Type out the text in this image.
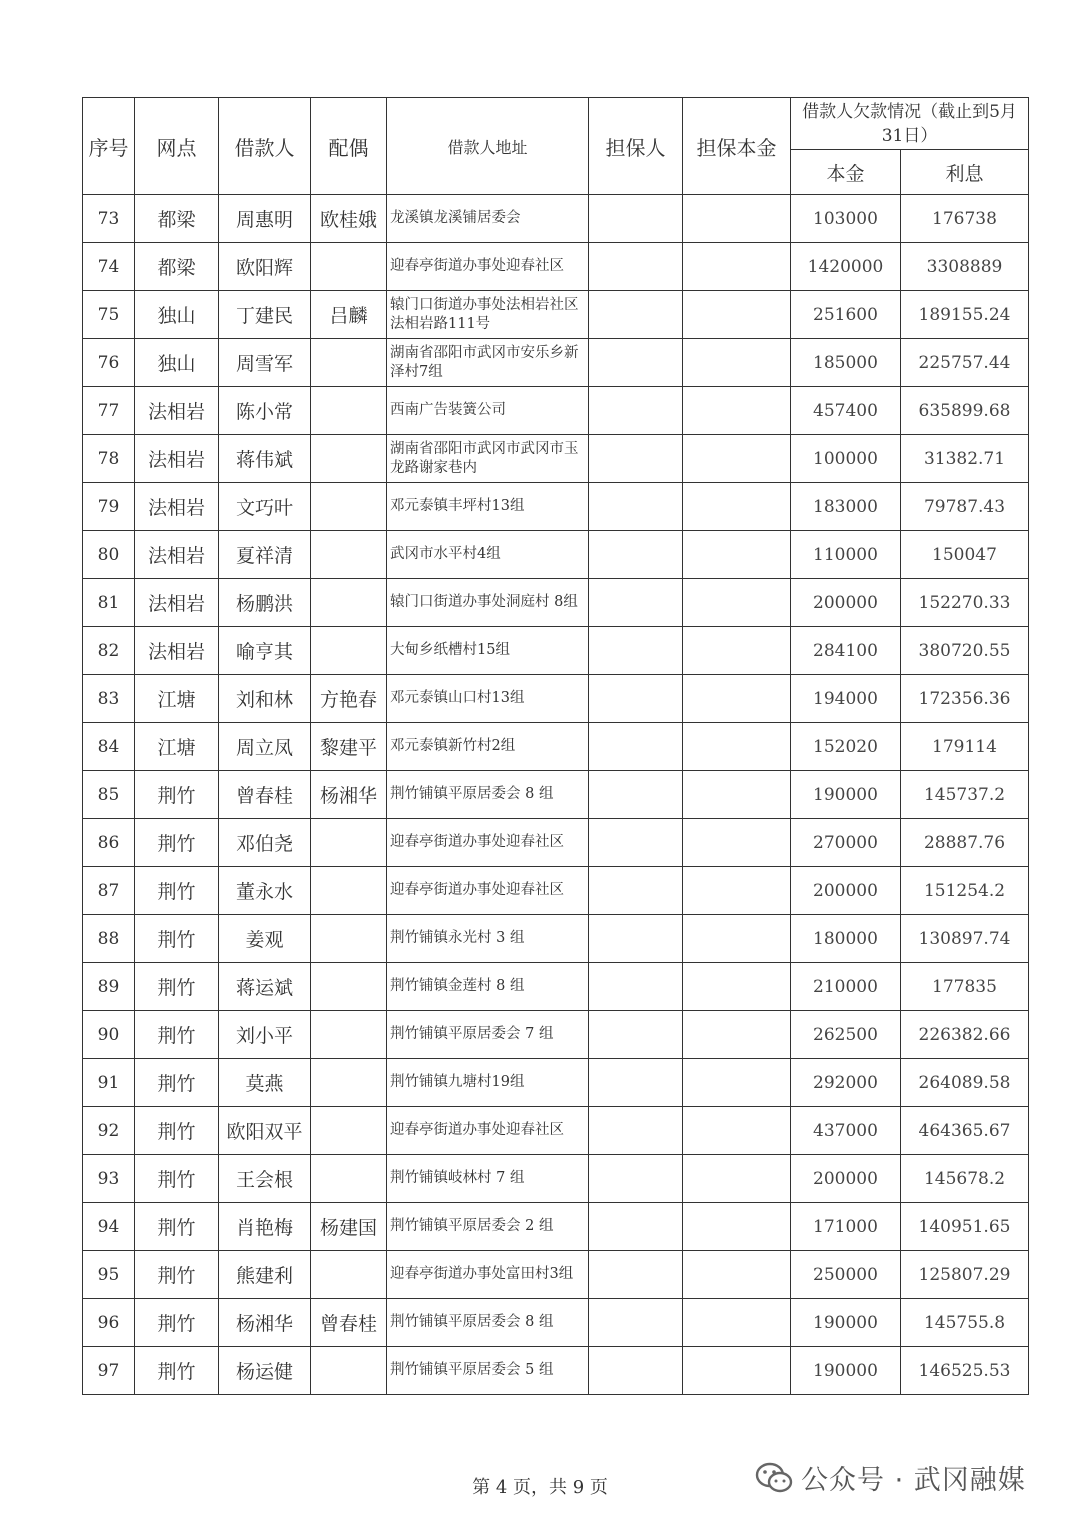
序号	网点	借款人	配偶	借款人地址	担保人	担保本金	借款人欠款情况（截止到5月31日）	
							本金	利息
73	都梁	周惠明	欧桂娥	龙溪镇龙溪铺居委会			103000	176738
74	都梁	欧阳辉		迎春亭街道办事处迎春社区			1420000	3308889
75	独山	丁建民	吕麟	辕门口街道办事处法相岩社区法相岩路111号			251600	189155.24
76	独山	周雪军		湖南省邵阳市武冈市安乐乡新泽村7组			185000	225757.44
77	法相岩	陈小常		西南广告装簧公司			457400	635899.68
78	法相岩	蒋伟斌		湖南省邵阳市武冈市武冈市玉龙路谢家巷内			100000	31382.71
79	法相岩	文巧叶		邓元泰镇丰坪村13组			183000	79787.43
80	法相岩	夏祥清		武冈市水平村4组			110000	150047
81	法相岩	杨鹏洪		辕门口街道办事处洞庭村 8组			200000	152270.33
82	法相岩	喻亨其		大甸乡纸槽村15组			284100	380720.55
83	江塘	刘和林	方艳春	邓元泰镇山口村13组			194000	172356.36
84	江塘	周立凤	黎建平	邓元泰镇新竹村2组			152020	179114
85	荆竹	曾春桂	杨湘华	荆竹铺镇平原居委会 8 组			190000	145737.2
86	荆竹	邓伯尧		迎春亭街道办事处迎春社区			270000	28887.76
87	荆竹	董永水		迎春亭街道办事处迎春社区			200000	151254.2
88	荆竹	姜观		荆竹铺镇永光村 3 组			180000	130897.74
89	荆竹	蒋运斌		荆竹铺镇金莲村 8 组			210000	177835
90	荆竹	刘小平		荆竹铺镇平原居委会 7 组			262500	226382.66
91	荆竹	莫燕		荆竹铺镇九塘村19组			292000	264089.58
92	荆竹	欧阳双平		迎春亭街道办事处迎春社区			437000	464365.67
93	荆竹	王会根		荆竹铺镇岐林村 7 组			200000	145678.2
94	荆竹	肖艳梅	杨建国	荆竹铺镇平原居委会 2 组			171000	140951.65
95	荆竹	熊建利		迎春亭街道办事处富田村3组			250000	125807.29
96	荆竹	杨湘华	曾春桂	荆竹铺镇平原居委会 8 组			190000	145755.8
97	荆竹	杨运健		荆竹铺镇平原居委会 5 组			190000	146525.53
第 4 页，共 9 页	公众号 · 武冈融媒
